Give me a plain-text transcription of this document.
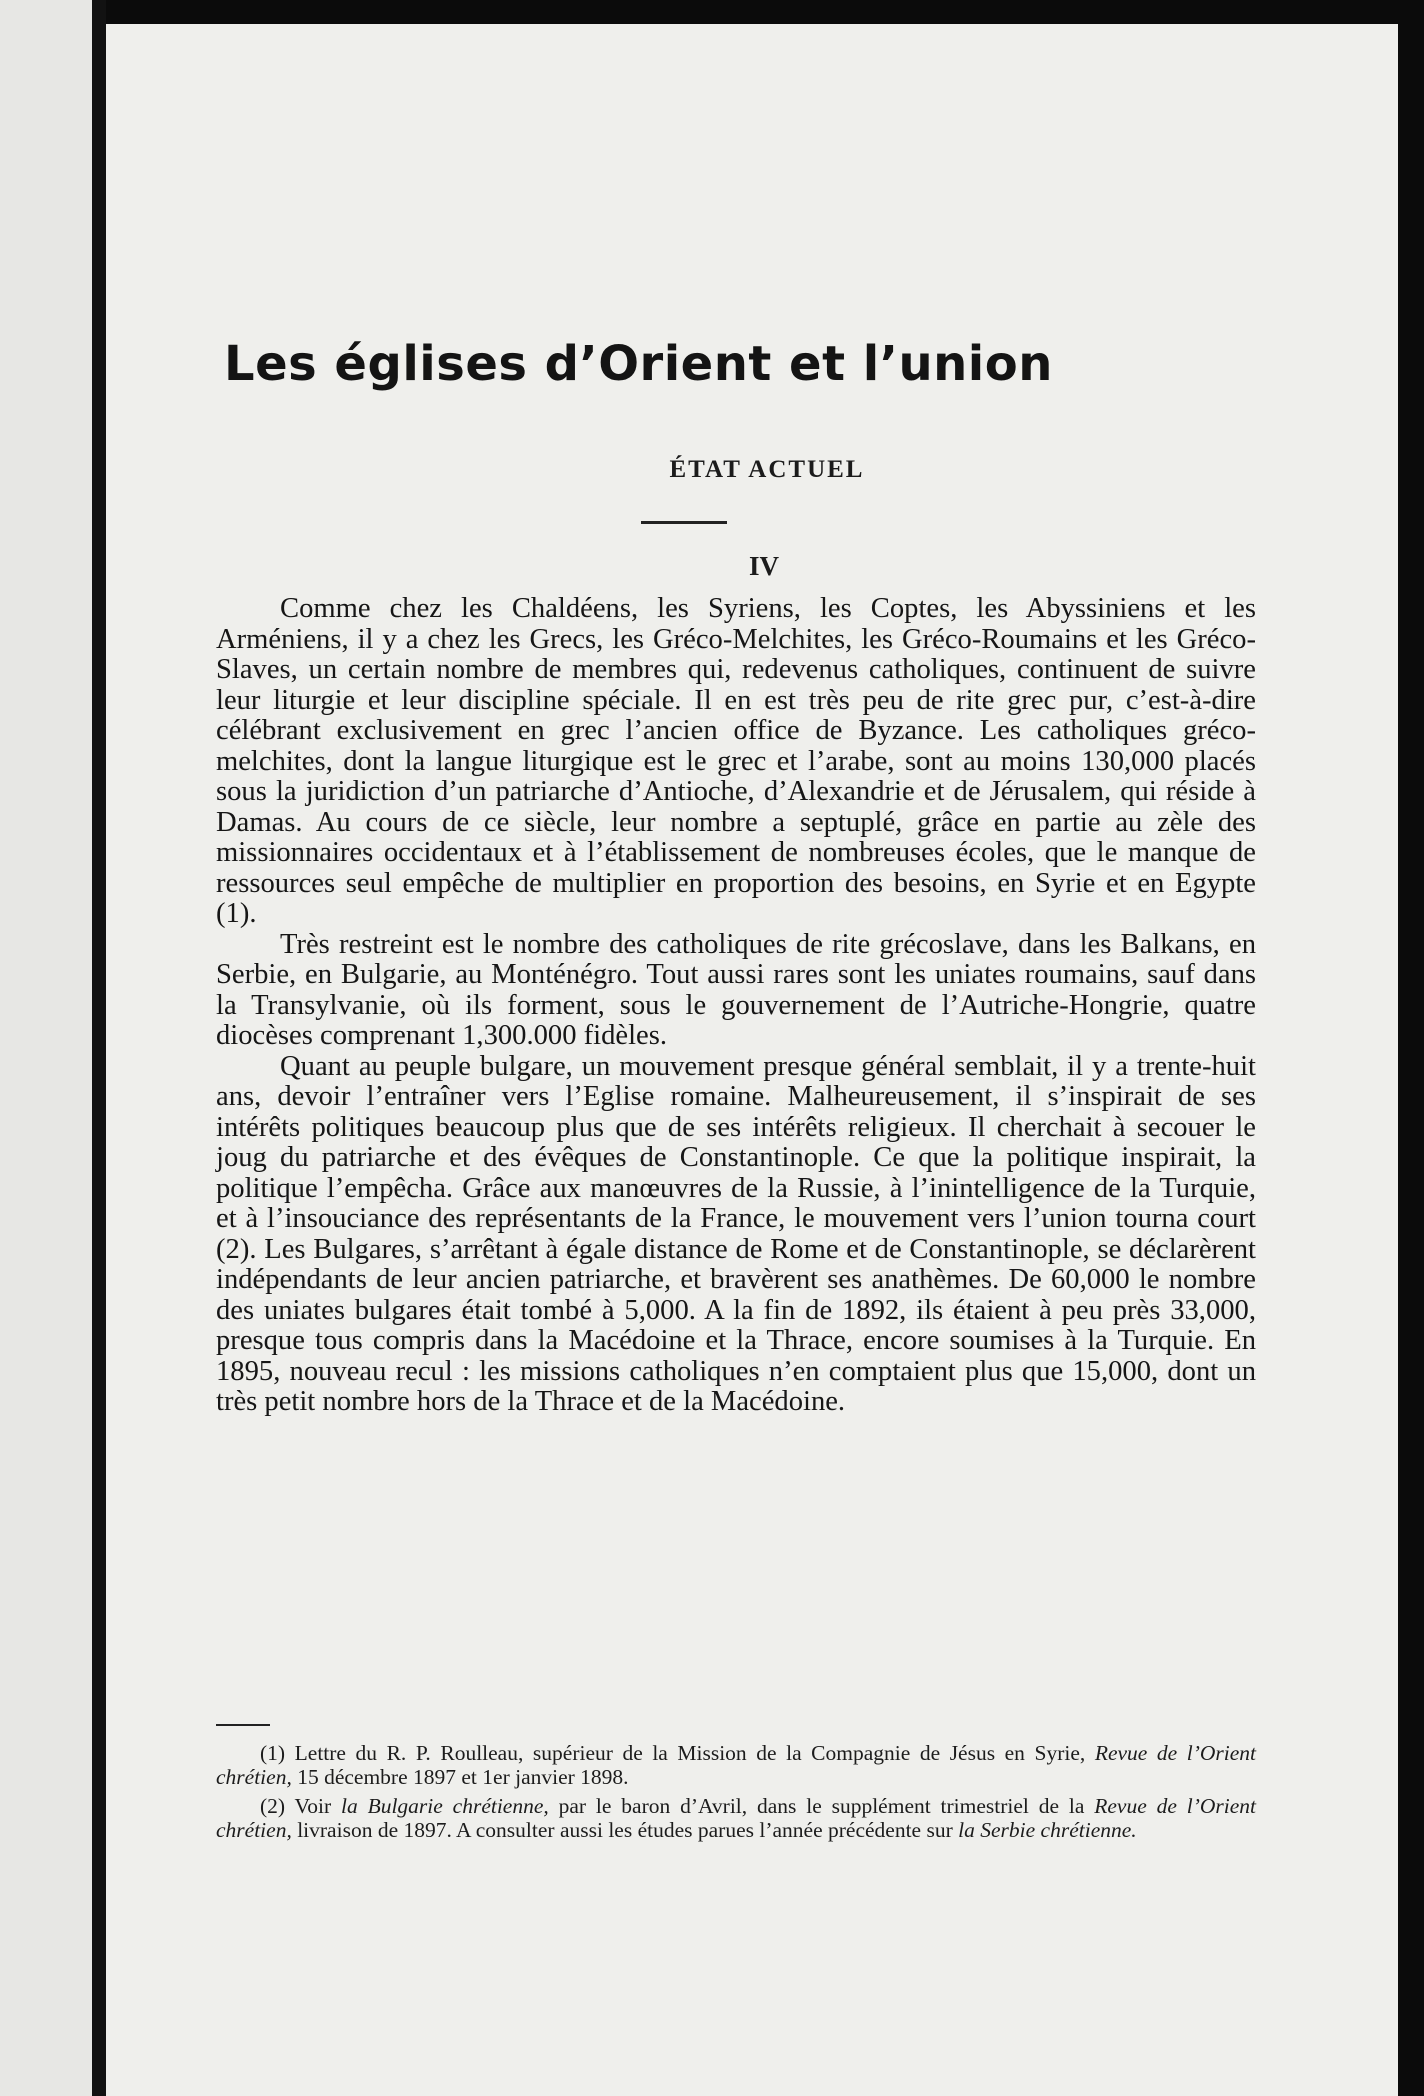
Les églises d’Orient et l’union
ÉTAT ACTUEL
IV

Comme chez les Chaldéens, les Syriens, les Coptes, les Abyssiniens et les Arméniens, il y a chez les Grecs, les Gréco-Melchites, les Gréco-Roumains et les Gréco-Slaves, un certain nombre de membres qui, redevenus catholiques, continuent de suivre leur liturgie et leur discipline spéciale. Il en est très peu de rite grec pur, c’est-à-dire célébrant exclusivement en grec l’ancien office de Byzance. Les catholiques gréco-melchites, dont la langue liturgique est le grec et l’arabe, sont au moins 130,000 placés sous la juridiction d’un patriarche d’Antioche, d’Alexandrie et de Jérusalem, qui réside à Damas. Au cours de ce siècle, leur nombre a septuplé, grâce en partie au zèle des missionnaires occidentaux et à l’établissement de nombreuses écoles, que le manque de ressources seul empêche de multiplier en proportion des besoins, en Syrie et en Egypte (1).

Très restreint est le nombre des catholiques de rite grécoslave, dans les Balkans, en Serbie, en Bulgarie, au Monténégro. Tout aussi rares sont les uniates roumains, sauf dans la Transylvanie, où ils forment, sous le gouvernement de l’Autriche-Hongrie, quatre diocèses comprenant 1,300.000 fidèles.

Quant au peuple bulgare, un mouvement presque général semblait, il y a trente-huit ans, devoir l’entraîner vers l’Eglise romaine. Malheureusement, il s’inspirait de ses intérêts politiques beaucoup plus que de ses intérêts religieux. Il cherchait à secouer le joug du patriarche et des évêques de Constantinople. Ce que la politique inspirait, la politique l’empêcha. Grâce aux manœuvres de la Russie, à l’inintelligence de la Turquie, et à l’insouciance des représentants de la France, le mouvement vers l’union tourna court (2). Les Bulgares, s’arrêtant à égale distance de Rome et de Constantinople, se déclarèrent indépendants de leur ancien patriarche, et bravèrent ses anathèmes. De 60,000 le nombre des uniates bulgares était tombé à 5,000. A la fin de 1892, ils étaient à peu près 33,000, presque tous compris dans la Macédoine et la Thrace, encore soumises à la Turquie. En 1895, nouveau recul : les missions catholiques n’en comptaient plus que 15,000, dont un très petit nombre hors de la Thrace et de la Macédoine.

(1) Lettre du R. P. Roulleau, supérieur de la Mission de la Compagnie de Jésus en Syrie, Revue de l’Orient chrétien, 15 décembre 1897 et 1er janvier 1898.

(2) Voir la Bulgarie chrétienne, par le baron d’Avril, dans le supplément trimestriel de la Revue de l’Orient chrétien, livraison de 1897. A consulter aussi les études parues l’année précédente sur la Serbie chrétienne.
